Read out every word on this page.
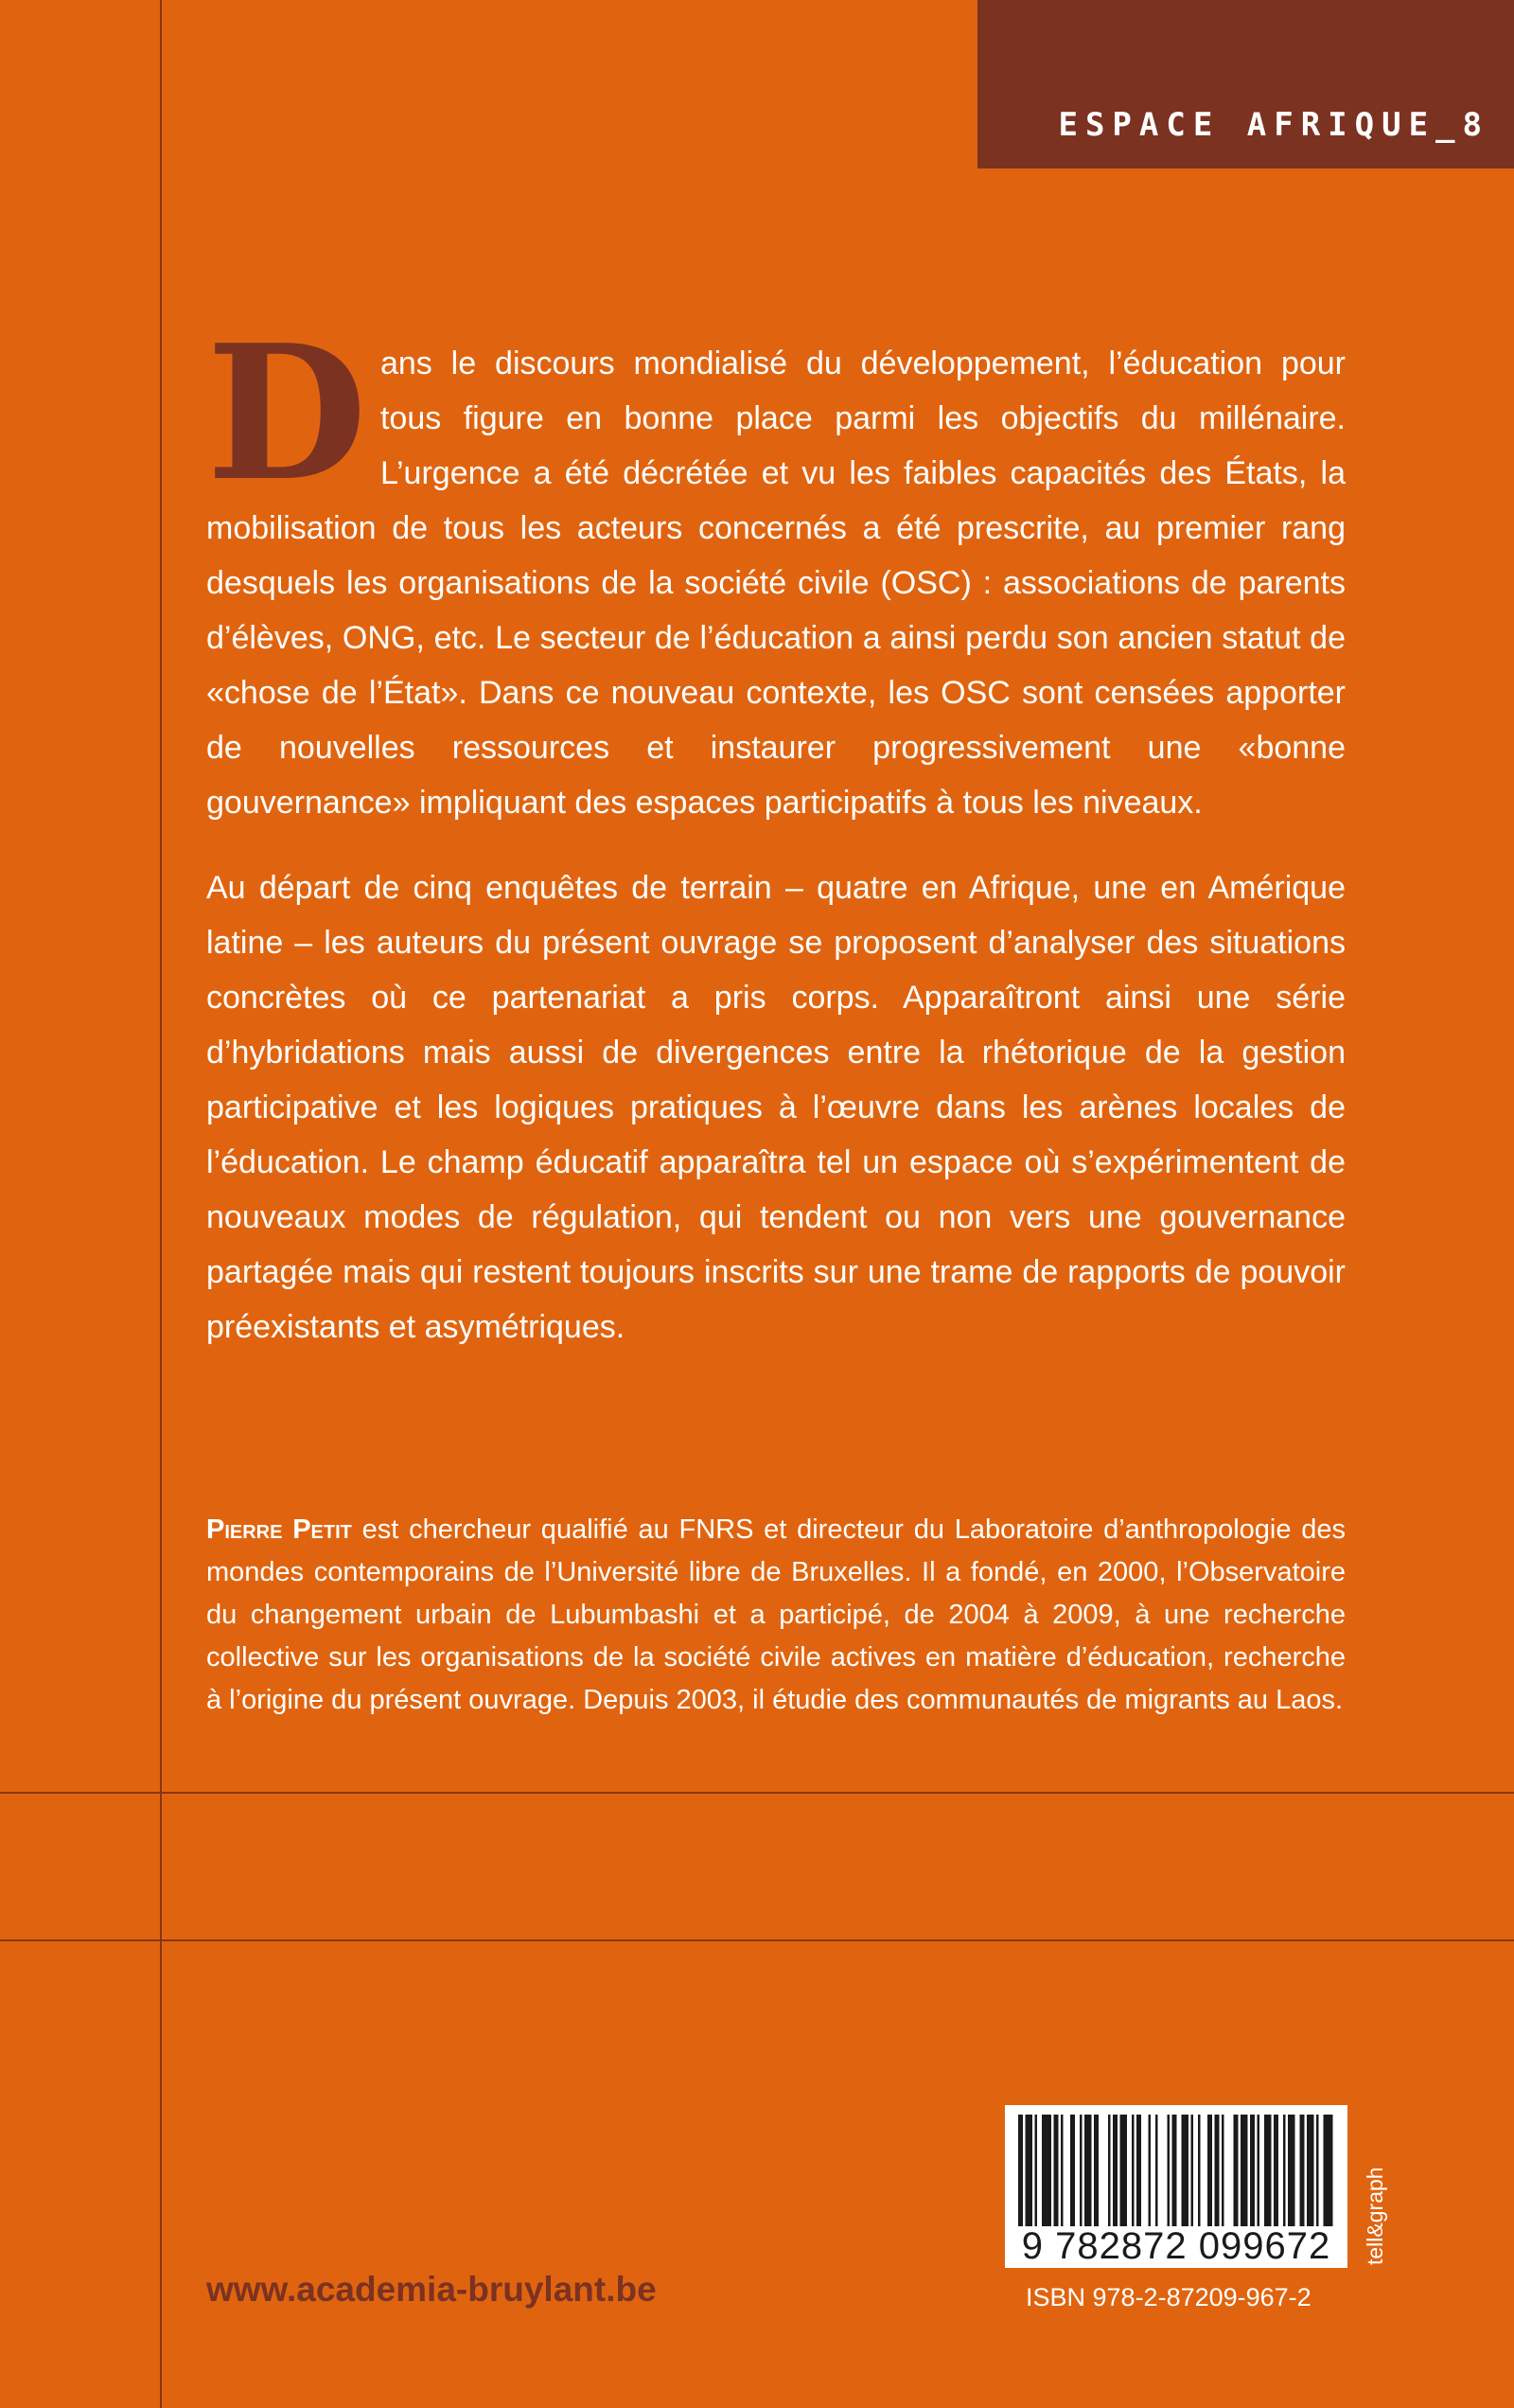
ESPACE AFRIQUE_8

Dans le discours mondialisé du développement, l’éducation pour tous figure en bonne place parmi les objectifs du millénaire. L’urgence a été décrétée et vu les faibles capacités des États, la mobilisation de tous les acteurs concernés a été prescrite, au premier rang desquels les organisations de la société civile (OSC) : associations de parents d’élèves, ONG, etc. Le secteur de l’éducation a ainsi perdu son ancien statut de «chose de l’État». Dans ce nouveau contexte, les OSC sont censées apporter de nouvelles ressources et instaurer progressivement une «bonne gouvernance» impliquant des espaces participatifs à tous les niveaux.

Au départ de cinq enquêtes de terrain – quatre en Afrique, une en Amérique latine – les auteurs du présent ouvrage se proposent d’analyser des situations concrètes où ce partenariat a pris corps. Apparaîtront ainsi une série d’hybridations mais aussi de divergences entre la rhétorique de la gestion participative et les logiques pratiques à l’œuvre dans les arènes locales de l’éducation. Le champ éducatif apparaîtra tel un espace où s’expérimentent de nouveaux modes de régulation, qui tendent ou non vers une gouvernance partagée mais qui restent toujours inscrits sur une trame de rapports de pouvoir préexistants et asymétriques.

Pierre Petit est chercheur qualifié au FNRS et directeur du Laboratoire d’anthropologie des mondes contemporains de l’Université libre de Bruxelles. Il a fondé, en 2000, l’Observatoire du changement urbain de Lubumbashi et a participé, de 2004 à 2009, à une recherche collective sur les organisations de la société civile actives en matière d’éducation, recherche à l’origine du présent ouvrage. Depuis 2003, il étudie des communautés de migrants au Laos.

www.academia-bruylant.be
9 782872 099672
ISBN 978-2-87209-967-2
tell&graph
